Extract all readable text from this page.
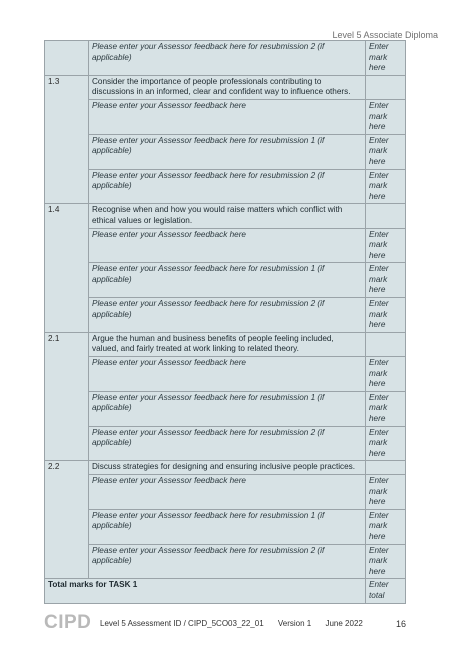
Level 5 Associate Diploma
	Please enter your Assessor feedback here for resubmission 2 (if applicable)	Enter mark here
1.3	Consider the importance of people professionals contributing to discussions in an informed, clear and confident way to influence others.	
	Please enter your Assessor feedback here	Enter mark here
	Please enter your Assessor feedback here for resubmission 1 (if applicable)	Enter mark here
	Please enter your Assessor feedback here for resubmission 2 (if applicable)	Enter mark here
1.4	Recognise when and how you would raise matters which conflict with ethical values or legislation.	
	Please enter your Assessor feedback here	Enter mark here
	Please enter your Assessor feedback here for resubmission 1 (if applicable)	Enter mark here
	Please enter your Assessor feedback here for resubmission 2 (if applicable)	Enter mark here
2.1	Argue the human and business benefits of people feeling included, valued, and fairly treated at work linking to related theory.	
	Please enter your Assessor feedback here	Enter mark here
	Please enter your Assessor feedback here for resubmission 1 (if applicable)	Enter mark here
	Please enter your Assessor feedback here for resubmission 2 (if applicable)	Enter mark here
2.2	Discuss strategies for designing and ensuring inclusive people practices.	
	Please enter your Assessor feedback here	Enter mark here
	Please enter your Assessor feedback here for resubmission 1 (if applicable)	Enter mark here
	Please enter your Assessor feedback here for resubmission 2 (if applicable)	Enter mark here
Total marks for TASK 1		Enter total
CIPD Level 5 Assessment ID / CIPD_5CO03_22_01 Version 1 June 2022	16
